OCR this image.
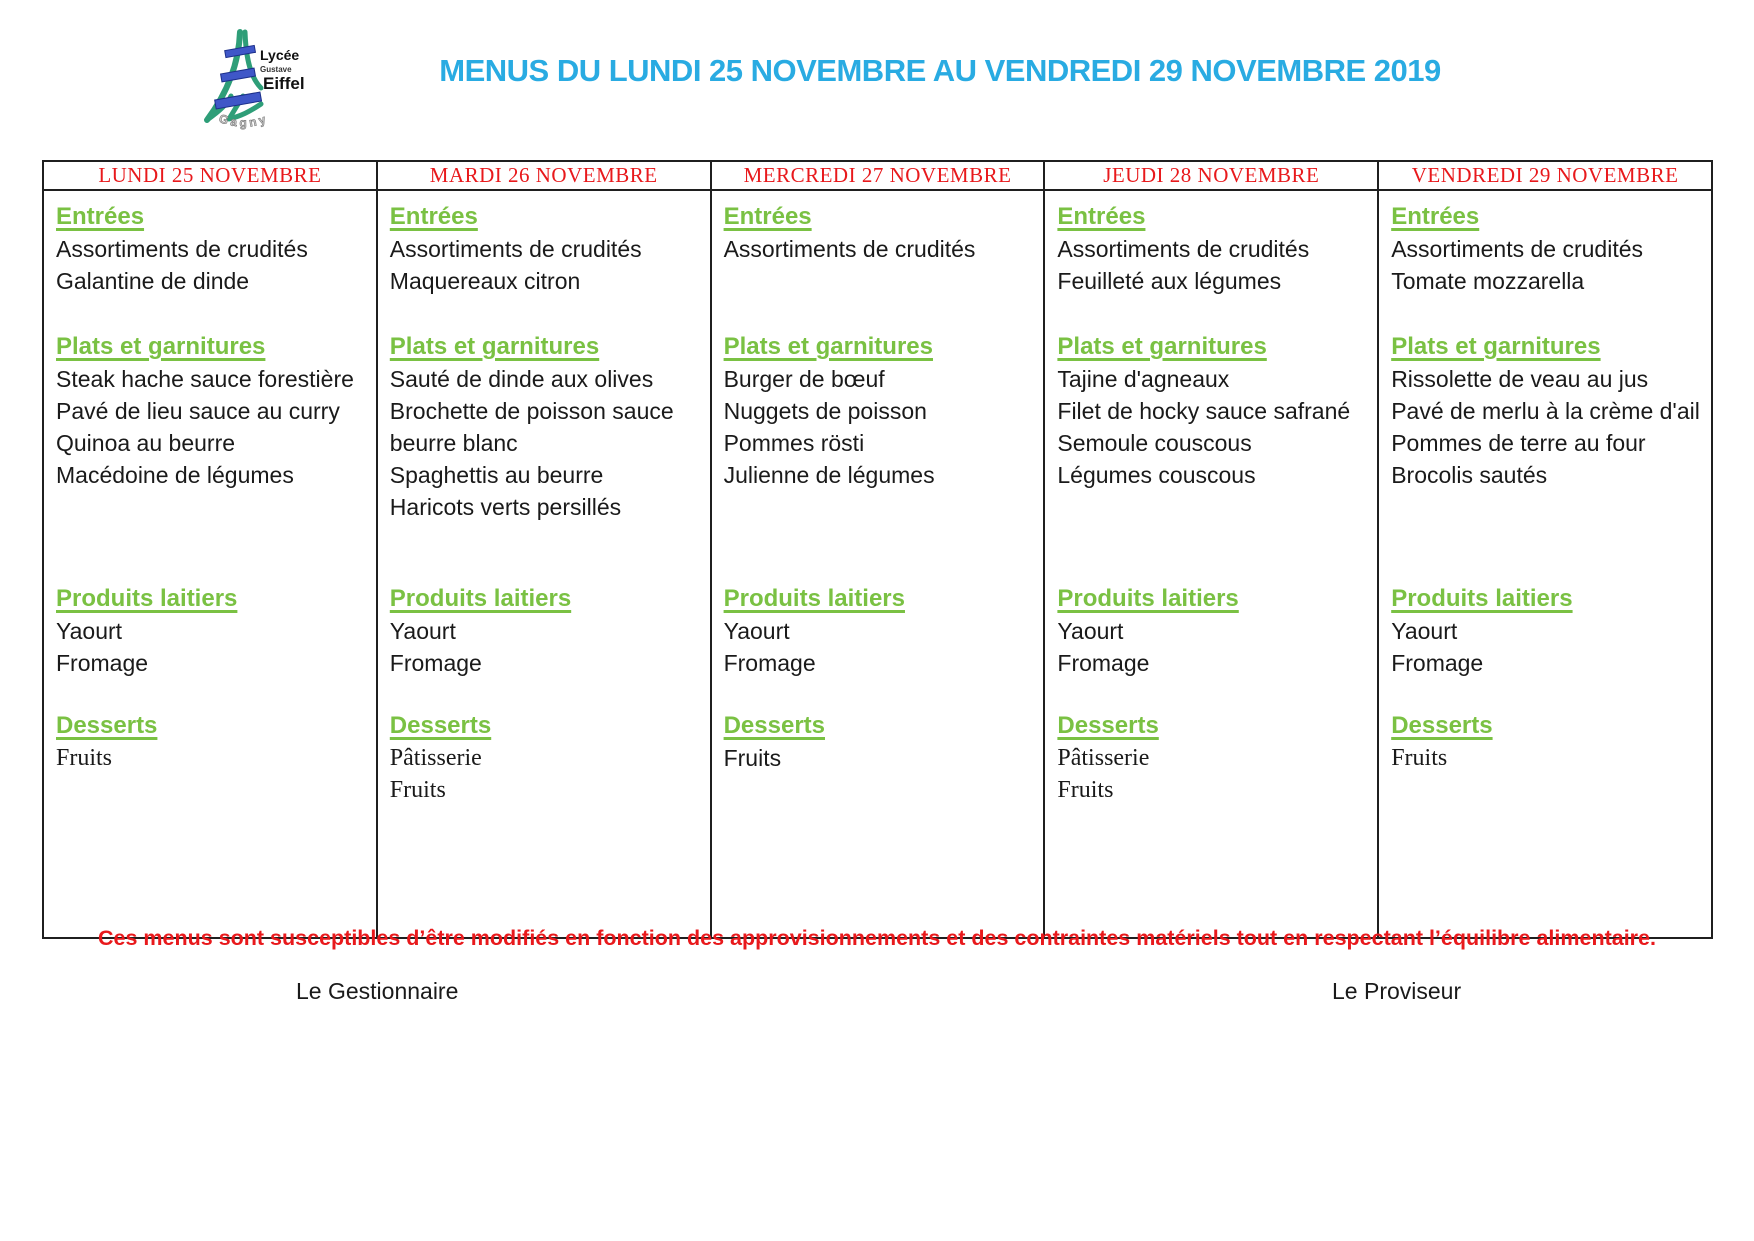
Lycée
Gustave
Eiffel
Gagny
MENUS DU LUNDI 25 NOVEMBRE AU VENDREDI 29 NOVEMBRE 2019
LUNDI 25 NOVEMBRE	MARDI 26 NOVEMBRE	MERCREDI 27 NOVEMBRE	JEUDI 28 NOVEMBRE	VENDREDI 29 NOVEMBRE

Entrées
Assortiments de crudités
Galantine de dinde
Plats et garnitures
Steak hache sauce forestière
Pavé de lieu sauce au curry
Quinoa au beurre
Macédoine de légumes
Produits laitiers
Yaourt
Fromage
Desserts
Fruits

Entrées
Assortiments de crudités
Maquereaux citron
Plats et garnitures
Sauté de dinde aux olives
Brochette de poisson sauce beurre blanc
Spaghettis au beurre
Haricots verts persillés
Produits laitiers
Yaourt
Fromage
Desserts
Pâtisserie
Fruits

Entrées
Assortiments de crudités
Plats et garnitures
Burger de bœuf
Nuggets de poisson
Pommes rösti
Julienne de légumes
Produits laitiers
Yaourt
Fromage
Desserts
Fruits

Entrées
Assortiments de crudités
Feuilleté aux légumes
Plats et garnitures
Tajine d'agneaux
Filet de hocky sauce safrané
Semoule couscous
Légumes couscous
Produits laitiers
Yaourt
Fromage
Desserts
Pâtisserie
Fruits

Entrées
Assortiments de crudités
Tomate mozzarella
Plats et garnitures
Rissolette de veau au jus
Pavé de merlu à la crème d'ail
Pommes de terre au four
Brocolis sautés
Produits laitiers
Yaourt
Fromage
Desserts
Fruits
Ces menus sont susceptibles d’être modifiés en fonction des approvisionnements et des contraintes matériels tout en respectant l’équilibre alimentaire.
Le Gestionnaire	Le Proviseur
